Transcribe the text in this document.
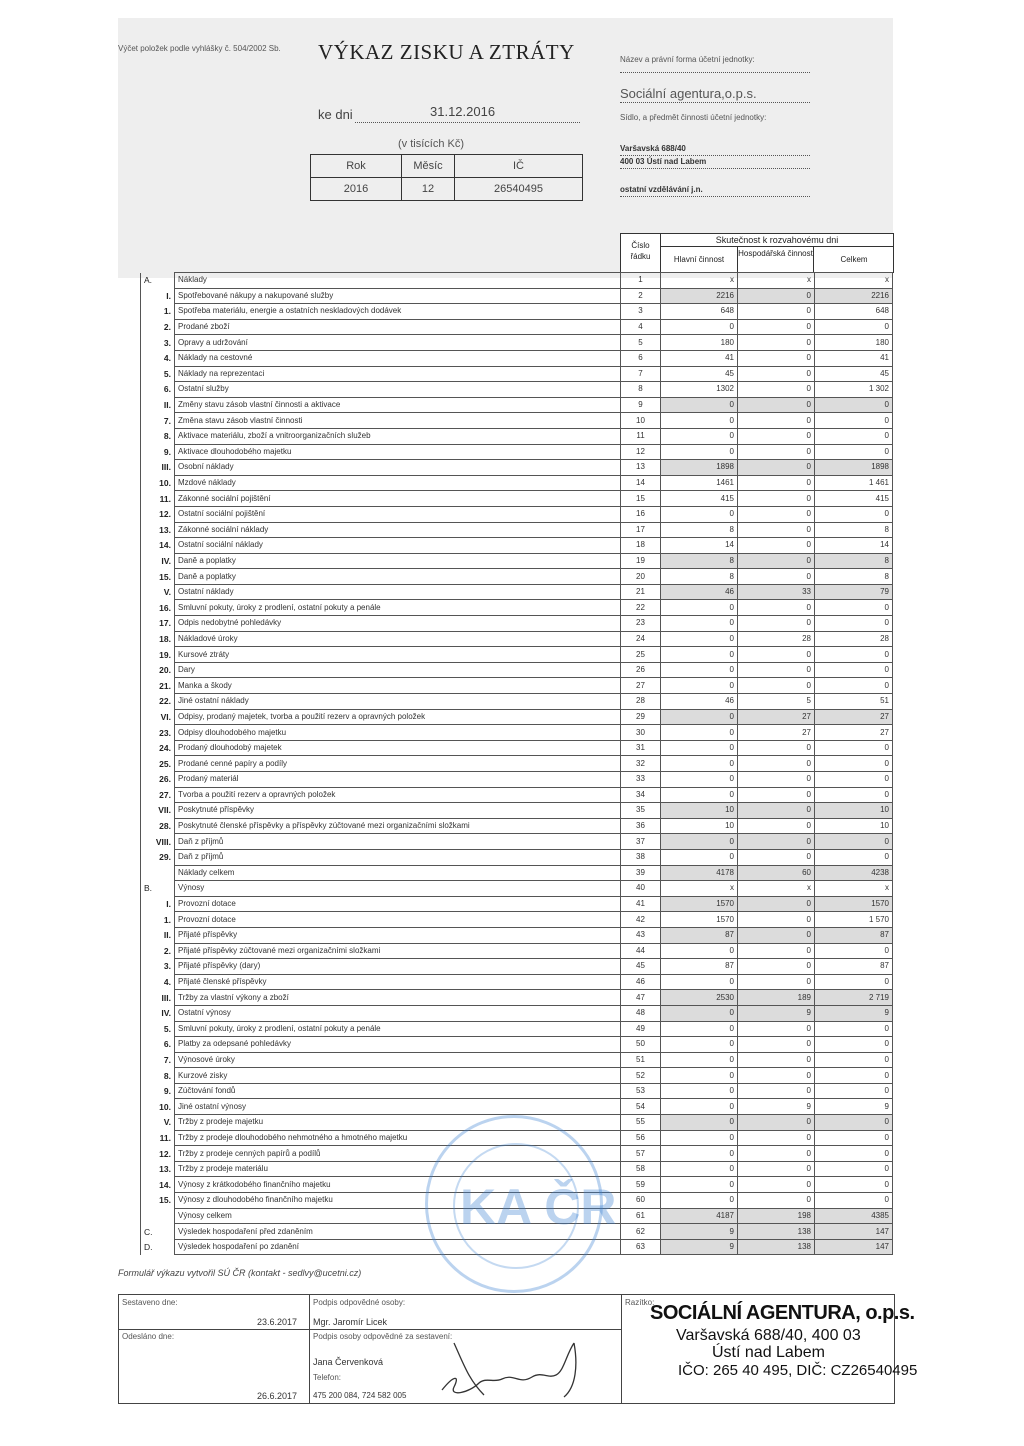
Výčet položek podle vyhlášky č. 504/2002 Sb.	VÝKAZ ZISKU A ZTRÁTY
ke dni	31.12.2016
(v tisících Kč)
Rok	Měsíc	IČ
2016	12	26540495
Název a právní forma účetní jednotky:
Sociální agentura,o.p.s.
Sídlo, a předmět činnosti účetní jednotky:
Varšavská 688/40
400 03 Ústí nad Labem
ostatní vzdělávání j.n.
Číslo řádku
Skutečnost k rozvahovému dni
Hlavní činnost
Hospodářská činnost
Celkem
A.		Náklady	1	x	x	x
	I.	Spotřebované nákupy a nakupované služby	2	2216	0	2216
	1.	Spotřeba materiálu, energie a ostatních neskladových dodávek	3	648	0	648
	2.	Prodané zboží	4	0	0	0
	3.	Opravy a udržování	5	180	0	180
	4.	Náklady na cestovné	6	41	0	41
	5.	Náklady na reprezentaci	7	45	0	45
	6.	Ostatní služby	8	1302	0	1 302
	II.	Změny stavu zásob vlastní činnosti a aktivace	9	0	0	0
	7.	Změna stavu zásob vlastní činnosti	10	0	0	0
	8.	Aktivace materiálu, zboží a vnitroorganizačních služeb	11	0	0	0
	9.	Aktivace dlouhodobého majetku	12	0	0	0
	III.	Osobní náklady	13	1898	0	1898
	10.	Mzdové náklady	14	1461	0	1 461
	11.	Zákonné sociální pojištění	15	415	0	415
	12.	Ostatní sociální pojištění	16	0	0	0
	13.	Zákonné sociální náklady	17	8	0	8
	14.	Ostatní sociální náklady	18	14	0	14
	IV.	Daně a poplatky	19	8	0	8
	15.	Daně a poplatky	20	8	0	8
	V.	Ostatní náklady	21	46	33	79
	16.	Smluvní pokuty, úroky z prodlení, ostatní pokuty a penále	22	0	0	0
	17.	Odpis nedobytné pohledávky	23	0	0	0
	18.	Nákladové úroky	24	0	28	28
	19.	Kursové ztráty	25	0	0	0
	20.	Dary	26	0	0	0
	21.	Manka a škody	27	0	0	0
	22.	Jiné ostatní náklady	28	46	5	51
	VI.	Odpisy, prodaný majetek, tvorba a použití rezerv a opravných položek	29	0	27	27
	23.	Odpisy dlouhodobého majetku	30	0	27	27
	24.	Prodaný dlouhodobý majetek	31	0	0	0
	25.	Prodané cenné papíry a podíly	32	0	0	0
	26.	Prodaný materiál	33	0	0	0
	27.	Tvorba a použití rezerv a opravných položek	34	0	0	0
	VII.	Poskytnuté příspěvky	35	10	0	10
	28.	Poskytnuté členské příspěvky a příspěvky zúčtované mezi organizačními složkami	36	10	0	10
	VIII.	Daň z příjmů	37	0	0	0
	29.	Daň z příjmů	38	0	0	0
		Náklady celkem	39	4178	60	4238
B.		Výnosy	40	x	x	x
	I.	Provozní dotace	41	1570	0	1570
	1.	Provozní dotace	42	1570	0	1 570
	II.	Přijaté příspěvky	43	87	0	87
	2.	Přijaté příspěvky zúčtované mezi organizačními složkami	44	0	0	0
	3.	Přijaté příspěvky (dary)	45	87	0	87
	4.	Přijaté členské příspěvky	46	0	0	0
	III.	Tržby za vlastní výkony a zboží	47	2530	189	2 719
	IV.	Ostatní výnosy	48	0	9	9
	5.	Smluvní pokuty, úroky z prodlení, ostatní pokuty a penále	49	0	0	0
	6.	Platby za odepsané pohledávky	50	0	0	0
	7.	Výnosové úroky	51	0	0	0
	8.	Kurzové zisky	52	0	0	0
	9.	Zúčtování fondů	53	0	0	0
	10.	Jiné ostatní výnosy	54	0	9	9
	V.	Tržby z prodeje majetku	55	0	0	0
	11.	Tržby z prodeje dlouhodobého nehmotného a hmotného majetku	56	0	0	0
	12.	Tržby z prodeje cenných papírů a podílů	57	0	0	0
	13.	Tržby z prodeje materiálu	58	0	0	0
	14.	Výnosy z krátkodobého finančního majetku	59	0	0	0
	15.	Výnosy z dlouhodobého finančního majetku	60	0	0	0
		Výnosy celkem	61	4187	198	4385
C.		Výsledek hospodaření před zdaněním	62	9	138	147
D.		Výsledek hospodaření po zdanění	63	9	138	147
Formulář výkazu vytvořil SÚ ČR (kontakt - sedlvy@ucetni.cz)
Sestaveno dne:
23.6.2017
Odesláno dne:
26.6.2017
Podpis odpovědné osoby:
Mgr. Jaromír Licek
Podpis osoby odpovědné za sestavení:
Jana Červenková
Telefon:
475 200 084, 724 582 005
Razítko:
SOCIÁLNÍ AGENTURA, o.p.s.
Varšavská 688/40, 400 03
Ústí nad Labem
IČO: 265 40 495, DIČ: CZ26540495
KA ČR
